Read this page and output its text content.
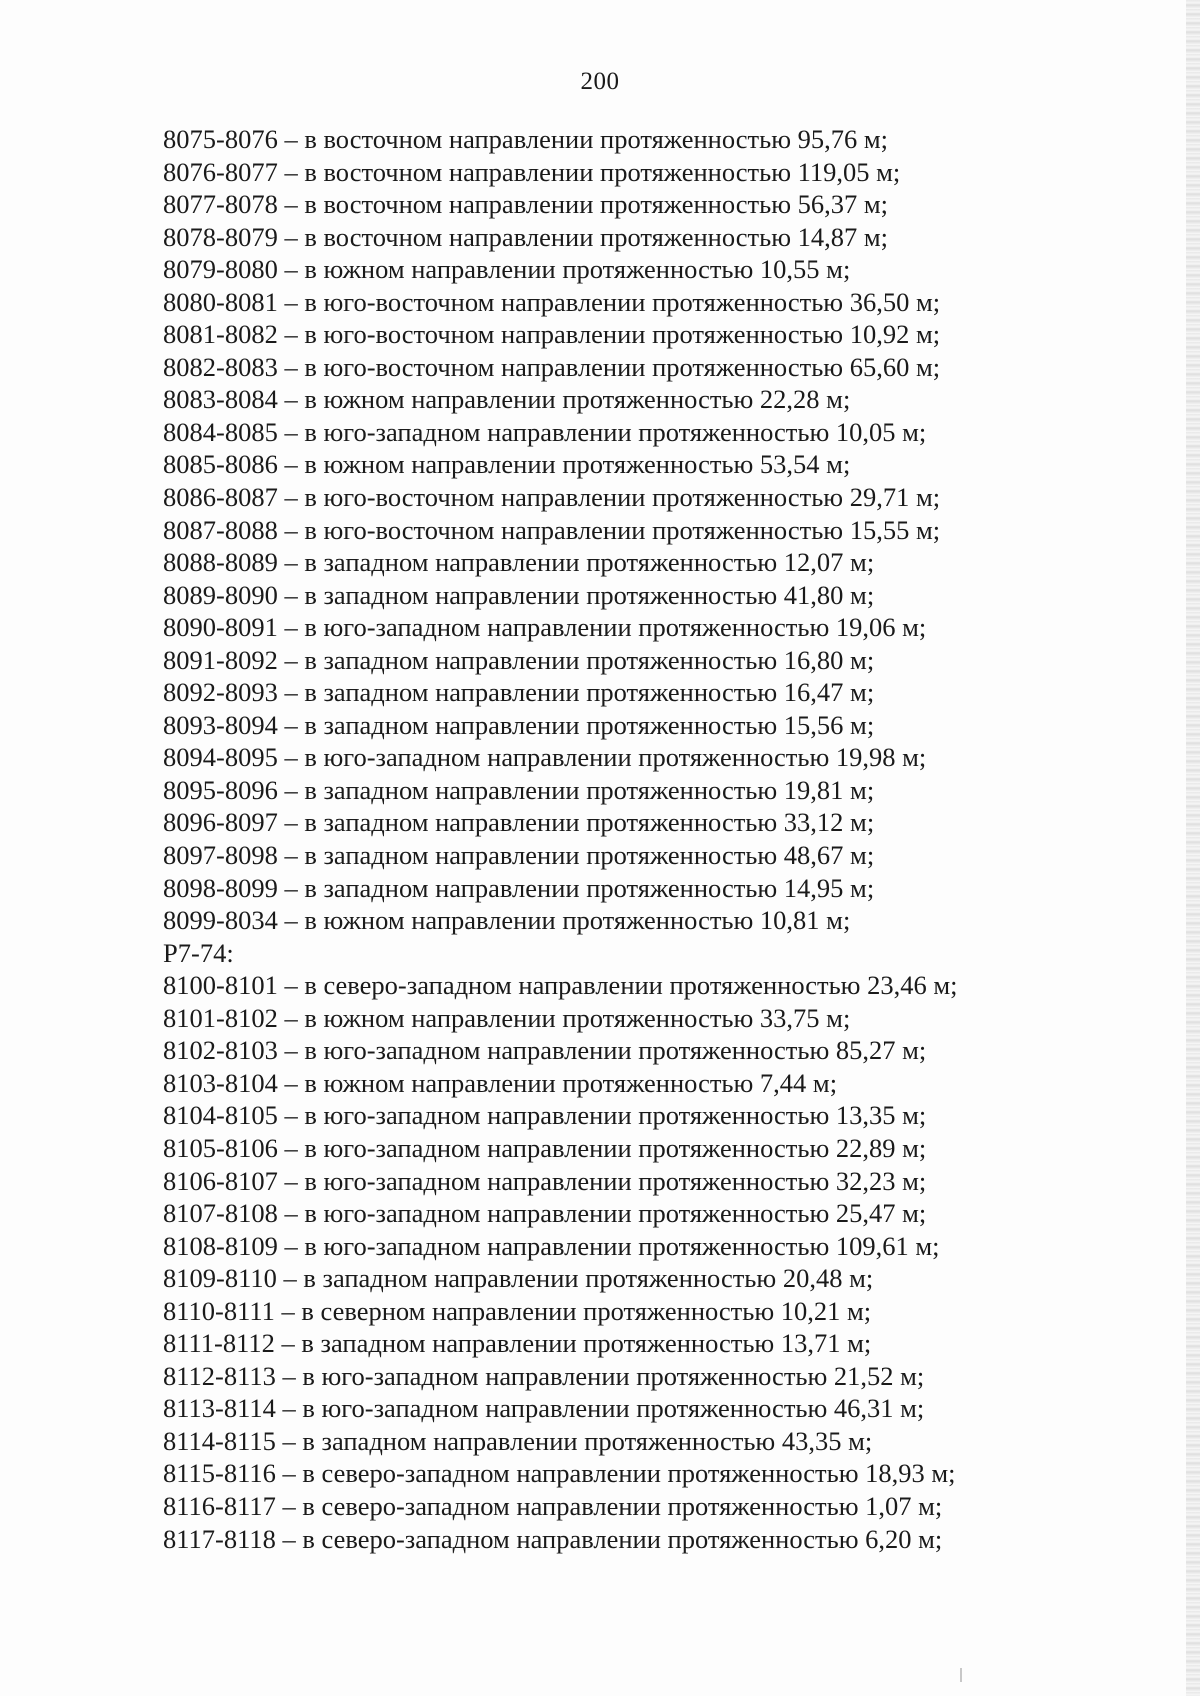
200
8075-8076 – в восточном направлении протяженностью 95,76 м;
8076-8077 – в восточном направлении протяженностью 119,05 м;
8077-8078 – в восточном направлении протяженностью 56,37 м;
8078-8079 – в восточном направлении протяженностью 14,87 м;
8079-8080 – в южном направлении протяженностью 10,55 м;
8080-8081 – в юго-восточном направлении протяженностью 36,50 м;
8081-8082 – в юго-восточном направлении протяженностью 10,92 м;
8082-8083 – в юго-восточном направлении протяженностью 65,60 м;
8083-8084 – в южном направлении протяженностью 22,28 м;
8084-8085 – в юго-западном направлении протяженностью 10,05 м;
8085-8086 – в южном направлении протяженностью 53,54 м;
8086-8087 – в юго-восточном направлении протяженностью 29,71 м;
8087-8088 – в юго-восточном направлении протяженностью 15,55 м;
8088-8089 – в западном направлении протяженностью 12,07 м;
8089-8090 – в западном направлении протяженностью 41,80 м;
8090-8091 – в юго-западном направлении протяженностью 19,06 м;
8091-8092 – в западном направлении протяженностью 16,80 м;
8092-8093 – в западном направлении протяженностью 16,47 м;
8093-8094 – в западном направлении протяженностью 15,56 м;
8094-8095 – в юго-западном направлении протяженностью 19,98 м;
8095-8096 – в западном направлении протяженностью 19,81 м;
8096-8097 – в западном направлении протяженностью 33,12 м;
8097-8098 – в западном направлении протяженностью 48,67 м;
8098-8099 – в западном направлении протяженностью 14,95 м;
8099-8034 – в южном направлении протяженностью 10,81 м;
Р7-74:
8100-8101 – в северо-западном направлении протяженностью 23,46 м;
8101-8102 – в южном направлении протяженностью 33,75 м;
8102-8103 – в юго-западном направлении протяженностью 85,27 м;
8103-8104 – в южном направлении протяженностью 7,44 м;
8104-8105 – в юго-западном направлении протяженностью 13,35 м;
8105-8106 – в юго-западном направлении протяженностью 22,89 м;
8106-8107 – в юго-западном направлении протяженностью 32,23 м;
8107-8108 – в юго-западном направлении протяженностью 25,47 м;
8108-8109 – в юго-западном направлении протяженностью 109,61 м;
8109-8110 – в западном направлении протяженностью 20,48 м;
8110-8111 – в северном направлении протяженностью 10,21 м;
8111-8112 – в западном направлении протяженностью 13,71 м;
8112-8113 – в юго-западном направлении протяженностью 21,52 м;
8113-8114 – в юго-западном направлении протяженностью 46,31 м;
8114-8115 – в западном направлении протяженностью 43,35 м;
8115-8116 – в северо-западном направлении протяженностью 18,93 м;
8116-8117 – в северо-западном направлении протяженностью 1,07 м;
8117-8118 – в северо-западном направлении протяженностью 6,20 м;
